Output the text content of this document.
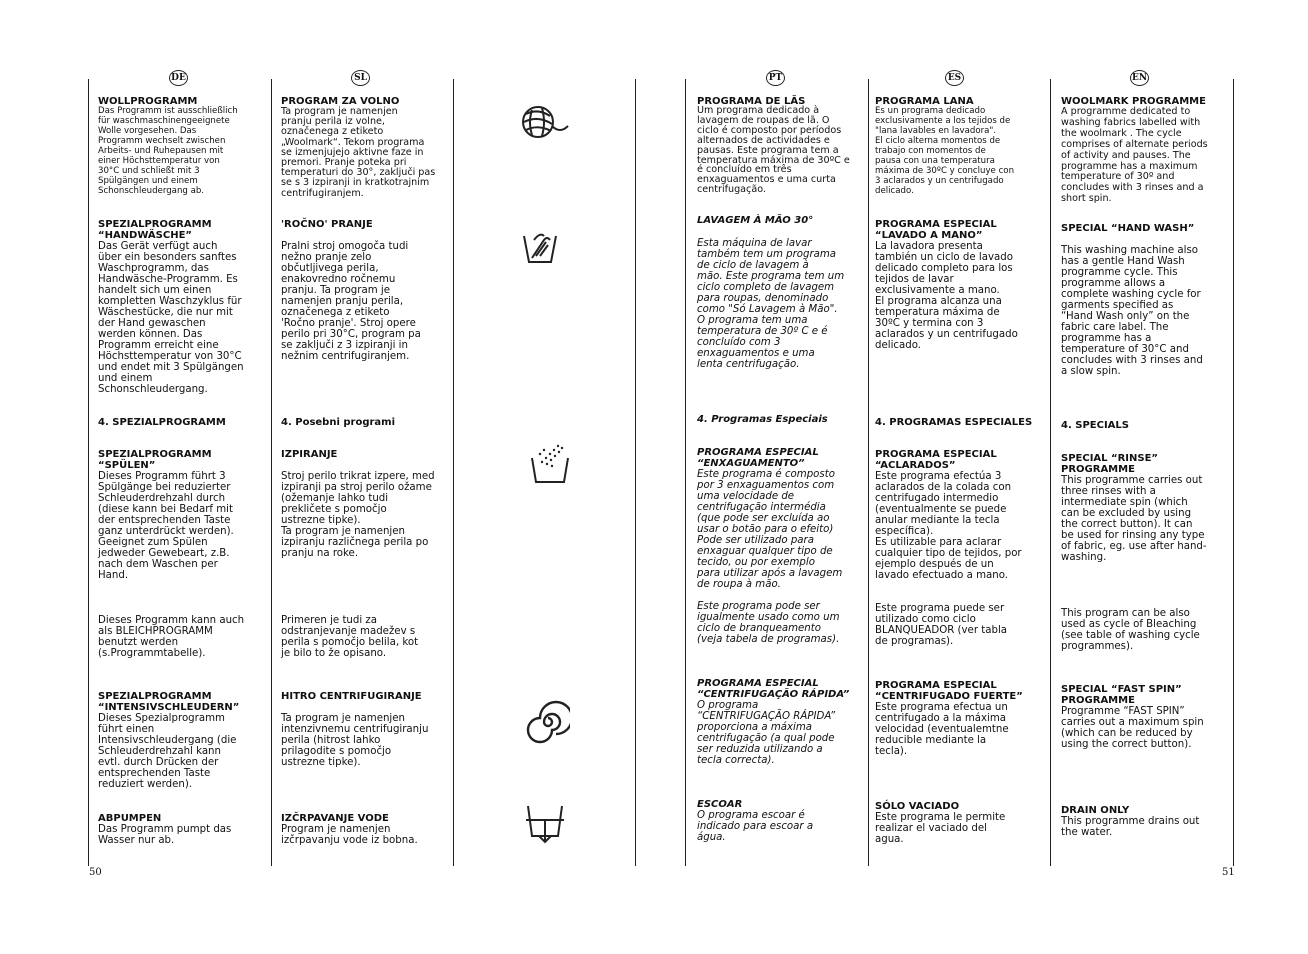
DE	SL	PT	ES	EN
WOLLPROGRAMM
Das Programm ist ausschließlich
für waschmaschinengeeignete
Wolle vorgesehen. Das
Programm wechselt zwischen
Arbeits- und Ruhepausen mit
einer Höchsttemperatur von
30°C und schließt mit 3
Spülgängen und einem
Schonschleudergang ab.
SPEZIALPROGRAMM
“HANDWÄSCHE”
Das Gerät verfügt auch
über ein besonders sanftes
Waschprogramm, das
Handwäsche-Programm. Es
handelt sich um einen
kompletten Waschzyklus für
Wäschestücke, die nur mit
der Hand gewaschen
werden können. Das
Programm erreicht eine
Höchsttemperatur von 30°C
und endet mit 3 Spülgängen
und einem
Schonschleudergang.
4. SPEZIALPROGRAMM
SPEZIALPROGRAMM
“SPÜLEN”
Dieses Programm führt 3
Spülgänge bei reduzierter
Schleuderdrehzahl durch
(diese kann bei Bedarf mit
der entsprechenden Taste
ganz unterdrückt werden).
Geeignet zum Spülen
jedweder Gewebeart, z.B.
nach dem Waschen per
Hand.
Dieses Programm kann auch
als BLEICHPROGRAMM
benutzt werden
(s.Programmtabelle).
SPEZIALPROGRAMM
“INTENSIVSCHLEUDERN”
Dieses Spezialprogramm
führt einen
Intensivschleudergang (die
Schleuderdrehzahl kann
evtl. durch Drücken der
entsprechenden Taste
reduziert werden).
ABPUMPEN
Das Programm pumpt das
Wasser nur ab.
PROGRAM ZA VOLNO
Ta program je namenjen
pranju perila iz volne,
označenega z etiketo
„Woolmark“. Tekom programa
se izmenjujejo aktivne faze in
premori. Pranje poteka pri
temperaturi do 30°, zaključi pas
se s 3 izpiranji in kratkotrajnim
centrifugiranjem.
'ROČNO' PRANJE
Pralni stroj omogoča tudi
nežno pranje zelo
občutljivega perila,
enakovredno ročnemu
pranju. Ta program je
namenjen pranju perila,
označenega z etiketo
'Ročno pranje'. Stroj opere
perilo pri 30°C, program pa
se zaključi z 3 izpiranji in
nežnim centrifugiranjem.
4. Posebni programi
IZPIRANJE
Stroj perilo trikrat izpere, med
izpiranji pa stroj perilo ožame
(ožemanje lahko tudi
prekličete s pomočjo
ustrezne tipke).
Ta program je namenjen
izpiranju različnega perila po
pranju na roke.
Primeren je tudi za
odstranjevanje madežev s
perila s pomočjo belila, kot
je bilo to že opisano.
HITRO CENTRIFUGIRANJE
Ta program je namenjen
intenzivnemu centrifugiranju
perila (hitrost lahko
prilagodite s pomočjo
ustrezne tipke).
IZČRPAVANJE VODE
Program je namenjen
izčrpavanju vode iz bobna.
PROGRAMA DE LÃS
Um programa dedicado à
lavagem de roupas de lã. O
ciclo é composto por períodos
alternados de actividades e
pausas. Este programa tem a
temperatura máxima de 30ºC e
é concluído em três
enxaguamentos e uma curta
centrifugação.
LAVAGEM À MÃO 30°
Esta máquina de lavar
também tem um programa
de ciclo de lavagem à
mão. Este programa tem um
ciclo completo de lavagem
para roupas, denominado
como "Só Lavagem à Mão".
O programa tem uma
temperatura de 30º C e é
concluído com 3
enxaguamentos e uma
lenta centrifugação.
4. Programas Especiais
PROGRAMA ESPECIAL
“ENXAGUAMENTO”
Este programa é composto
por 3 enxaguamentos com
uma velocidade de
centrifugação intermédia
(que pode ser excluída ao
usar o botão para o efeito)
Pode ser utilizado para
enxaguar qualquer tipo de
tecido, ou por exemplo
para utilizar após a lavagem
de roupa à mão.
Este programa pode ser
igualmente usado como um
ciclo de branqueamento
(veja tabela de programas).
PROGRAMA ESPECIAL
“CENTRIFUGAÇÃO RÁPIDA”
O programa
“CENTRIFUGAÇÃO RÁPIDA”
proporciona a máxima
centrifugação (a qual pode
ser reduzida utilizando a
tecla correcta).
ESCOAR
O programa escoar é
indicado para escoar a
água.
PROGRAMA LANA
Es un programa dedicado
exclusivamente a los tejidos de
"lana lavables en lavadora".
El ciclo alterna momentos de
trabajo con momentos de
pausa con una temperatura
máxima de 30ºC y concluye con
3 aclarados y un centrifugado
delicado.
PROGRAMA ESPECIAL
“LAVADO A MANO”
La lavadora presenta
también un ciclo de lavado
delicado completo para los
tejidos de lavar
exclusivamente a mano.
El programa alcanza una
temperatura máxima de
30ºC y termina con 3
aclarados y un centrifugado
delicado.
4. PROGRAMAS ESPECIALES
PROGRAMA ESPECIAL
“ACLARADOS”
Este programa efectúa 3
aclarados de la colada con
centrifugado intermedio
(eventualmente se puede
anular mediante la tecla
específica).
Es utilizable para aclarar
cualquier tipo de tejidos, por
ejemplo después de un
lavado efectuado a mano.
Este programa puede ser
utilizado como ciclo
BLANQUEADOR (ver tabla
de programas).
PROGRAMA ESPECIAL
“CENTRIFUGADO FUERTE”
Este programa efectua un
centrifugado a la máxima
velocidad (eventualemtne
reducible mediante la
tecla).
SÓLO VACIADO
Este programa le permite
realizar el vaciado del
agua.
WOOLMARK PROGRAMME
A programme dedicated to
washing fabrics labelled with
the woolmark . The cycle
comprises of alternate periods
of activity and pauses. The
programme has a maximum
temperature of 30º and
concludes with 3 rinses and a
short spin.
SPECIAL “HAND WASH”
This washing machine also
has a gentle Hand Wash
programme cycle. This
programme allows a
complete washing cycle for
garments specified as
“Hand Wash only” on the
fabric care label. The
programme has a
temperature of 30°C and
concludes with 3 rinses and
a slow spin.
4. SPECIALS
SPECIAL “RINSE”
PROGRAMME
This programme carries out
three rinses with a
intermediate spin (which
can be excluded by using
the correct button). It can
be used for rinsing any type
of fabric, eg. use after hand-
washing.
This program can be also
used as cycle of Bleaching
(see table of washing cycle
programmes).
SPECIAL “FAST SPIN”
PROGRAMME
Programme “FAST SPIN”
carries out a maximum spin
(which can be reduced by
using the correct button).
DRAIN ONLY
This programme drains out
the water.
50	51
